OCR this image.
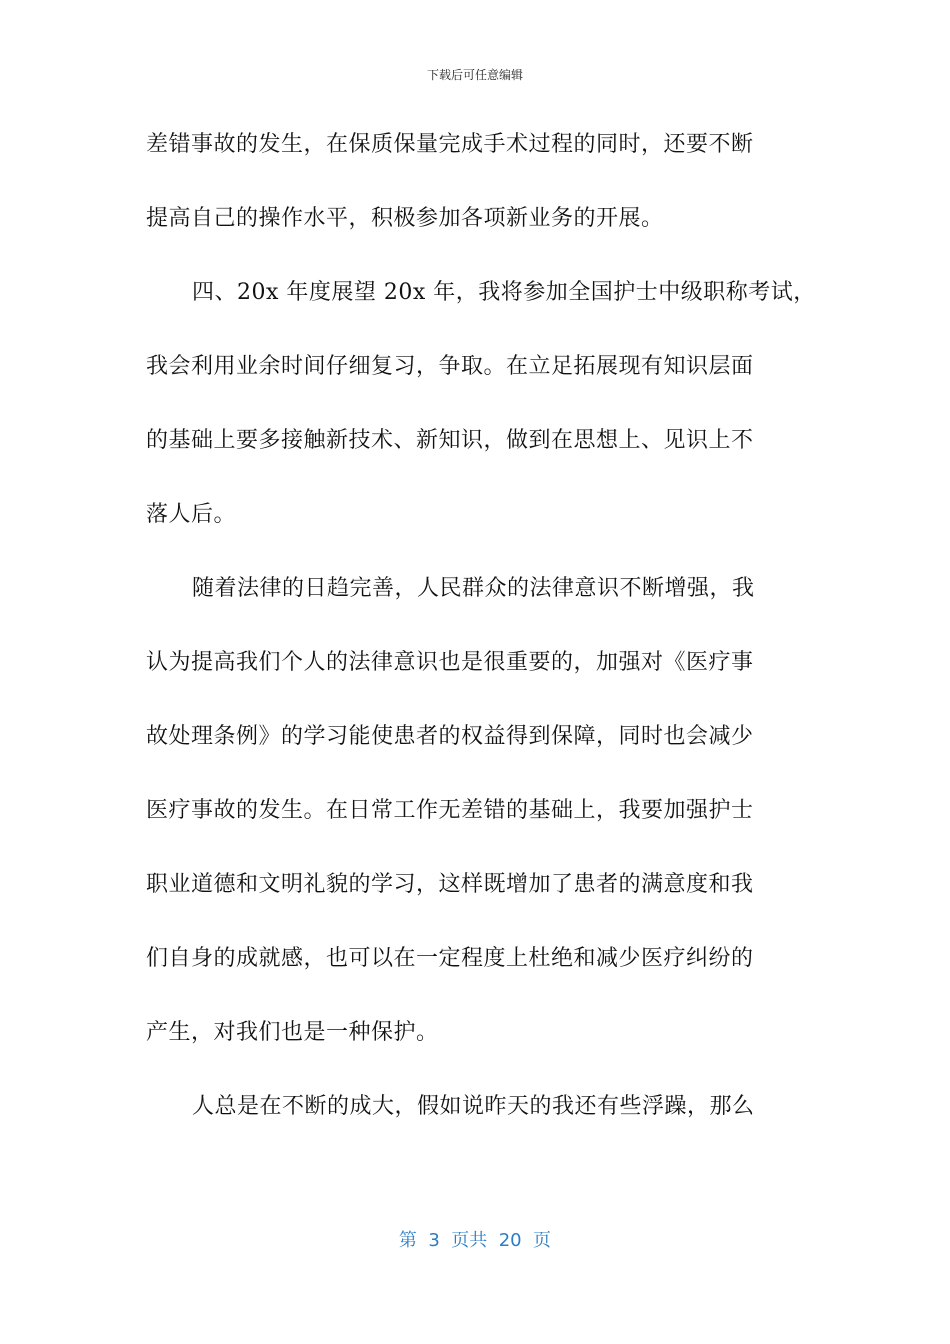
下载后可任意编辑
差错事故的发生，在保质保量完成手术过程的同时，还要不断
提高自己的操作水平，积极参加各项新业务的开展。
四、20x 年度展望 20x 年，我将参加全国护士中级职称考试，
我会利用业余时间仔细复习，争取。在立足拓展现有知识层面
的基础上要多接触新技术、新知识，做到在思想上、见识上不
落人后。
随着法律的日趋完善，人民群众的法律意识不断增强，我
认为提高我们个人的法律意识也是很重要的，加强对《医疗事
故处理条例》的学习能使患者的权益得到保障，同时也会减少
医疗事故的发生。在日常工作无差错的基础上，我要加强护士
职业道德和文明礼貌的学习，这样既增加了患者的满意度和我
们自身的成就感，也可以在一定程度上杜绝和减少医疗纠纷的
产生，对我们也是一种保护。
人总是在不断的成大，假如说昨天的我还有些浮躁，那么
第  3  页共  20  页
